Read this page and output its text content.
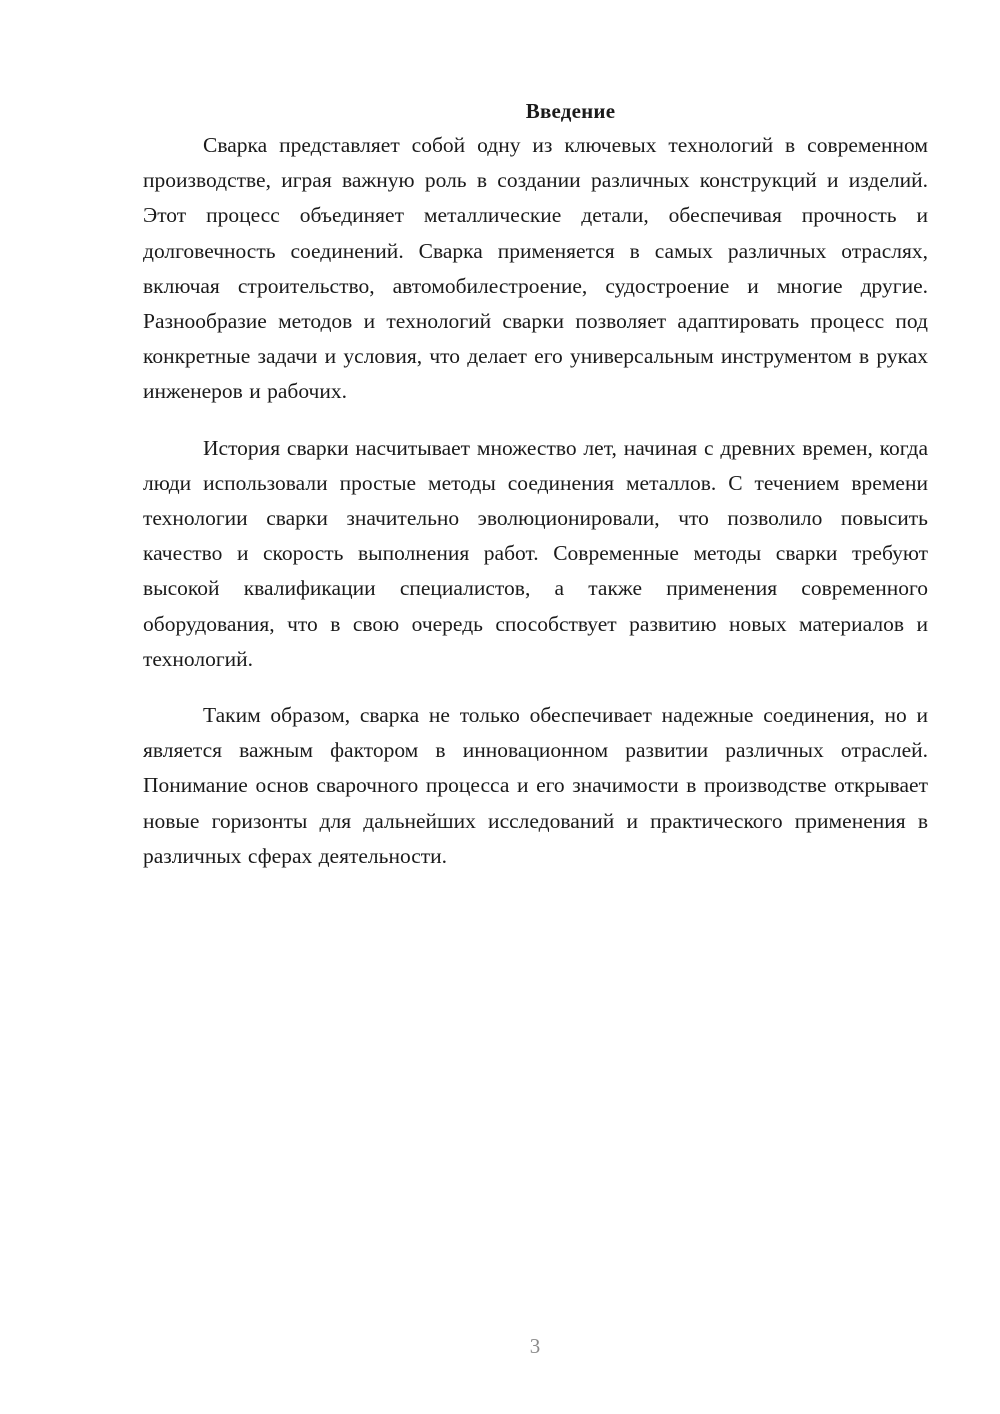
Введение

Сварка представляет собой одну из ключевых технологий в современном производстве, играя важную роль в создании различных конструкций и изделий. Этот процесс объединяет металлические детали, обеспечивая прочность и долговечность соединений. Сварка применяется в самых различных отраслях, включая строительство, автомобилестроение, судостроение и многие другие. Разнообразие методов и технологий сварки позволяет адаптировать процесс под конкретные задачи и условия, что делает его универсальным инструментом в руках инженеров и рабочих.

История сварки насчитывает множество лет, начиная с древних времен, когда люди использовали простые методы соединения металлов. С течением времени технологии сварки значительно эволюционировали, что позволило повысить качество и скорость выполнения работ. Современные методы сварки требуют высокой квалификации специалистов, а также применения современного оборудования, что в свою очередь способствует развитию новых материалов и технологий.

Таким образом, сварка не только обеспечивает надежные соединения, но и является важным фактором в инновационном развитии различных отраслей. Понимание основ сварочного процесса и его значимости в производстве открывает новые горизонты для дальнейших исследований и практического применения в различных сферах деятельности.

3
